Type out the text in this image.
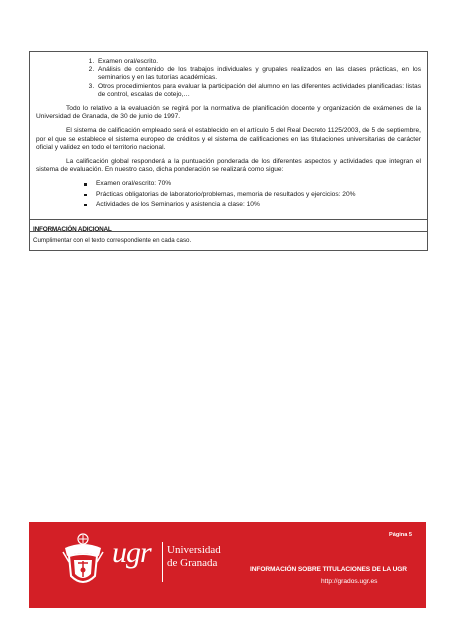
1. Examen oral/escrito.
2. Análisis de contenido de los trabajos individuales y grupales realizados en las clases prácticas, en los seminarios y en las tutorías académicas.
3. Otros procedimientos para evaluar la participación del alumno en las diferentes actividades planificadas: listas de control, escalas de cotejo,…

Todo lo relativo a la evaluación se regirá por la normativa de planificación docente y organización de exámenes de la Universidad de Granada, de 30 de junio de 1997.

El sistema de calificación empleado será el establecido en el artículo 5 del Real Decreto 1125/2003, de 5 de septiembre, por el que se establece el sistema europeo de créditos y el sistema de calificaciones en las titulaciones universitarias de carácter oficial y validez en todo el territorio nacional.

La calificación global responderá a la puntuación ponderada de los diferentes aspectos y actividades que integran el sistema de evaluación. En nuestro caso, dicha ponderación se realizará como sigue:

Examen oral/escrito: 70%
Prácticas obligatorias de laboratorio/problemas, memoria de resultados y ejercicios: 20%
Actividades de los Seminarios y asistencia a clase: 10%
INFORMACIÓN ADICIONAL
Cumplimentar con el texto correspondiente en cada caso.
ugr Universidad
de Granada
Página 5
INFORMACIÓN SOBRE TITULACIONES DE LA UGR
http://grados.ugr.es
